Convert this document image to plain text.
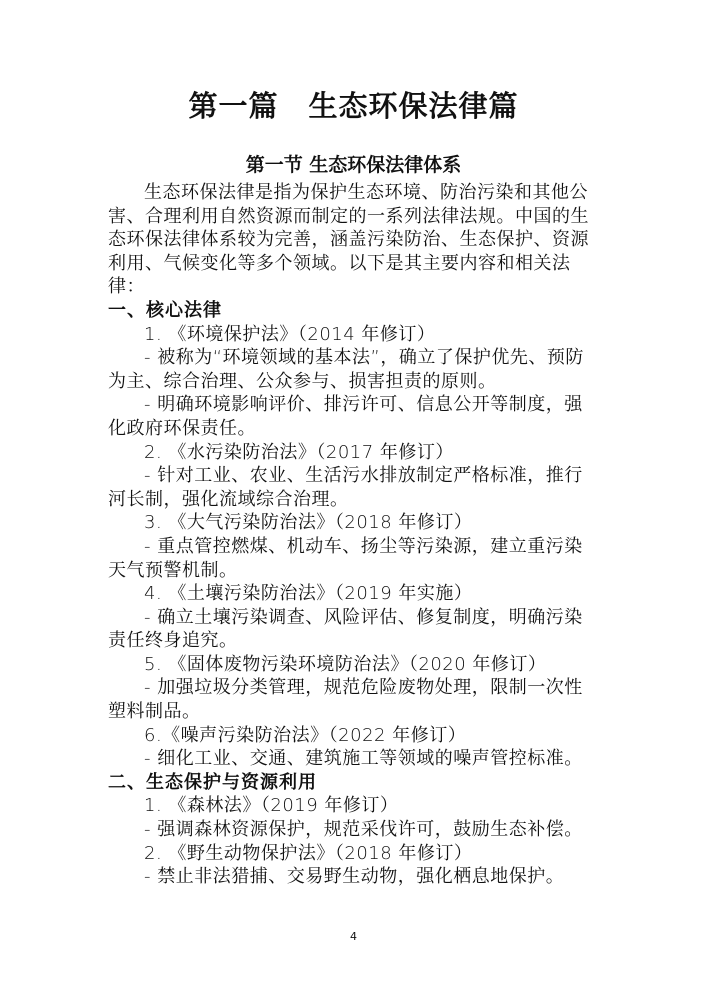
第一篇　生态环保法律篇
第一节 生态环保法律体系

生态环保法律是指为保护生态环境、防治污染和其他公害、合理利用自然资源而制定的一系列法律法规。中国的生态环保法律体系较为完善，涵盖污染防治、生态保护、资源利用、气候变化等多个领域。以下是其主要内容和相关法律：

一、核心法律

1. 《环境保护法》（2014 年修订）

- 被称为“环境领域的基本法”，确立了保护优先、预防为主、综合治理、公众参与、损害担责的原则。

- 明确环境影响评价、排污许可、信息公开等制度，强化政府环保责任。

2. 《水污染防治法》（2017 年修订）

- 针对工业、农业、生活污水排放制定严格标准，推行河长制，强化流域综合治理。

3. 《大气污染防治法》（2018 年修订）

- 重点管控燃煤、机动车、扬尘等污染源，建立重污染天气预警机制。

4. 《土壤污染防治法》（2019 年实施）

- 确立土壤污染调查、风险评估、修复制度，明确污染责任终身追究。

5. 《固体废物污染环境防治法》（2020 年修订）

- 加强垃圾分类管理，规范危险废物处理，限制一次性塑料制品。

6.《噪声污染防治法》（2022 年修订）

- 细化工业、交通、建筑施工等领域的噪声管控标准。

二、生态保护与资源利用

1. 《森林法》（2019 年修订）

- 强调森林资源保护，规范采伐许可，鼓励生态补偿。

2. 《野生动物保护法》（2018 年修订）

- 禁止非法猎捕、交易野生动物，强化栖息地保护。

4
